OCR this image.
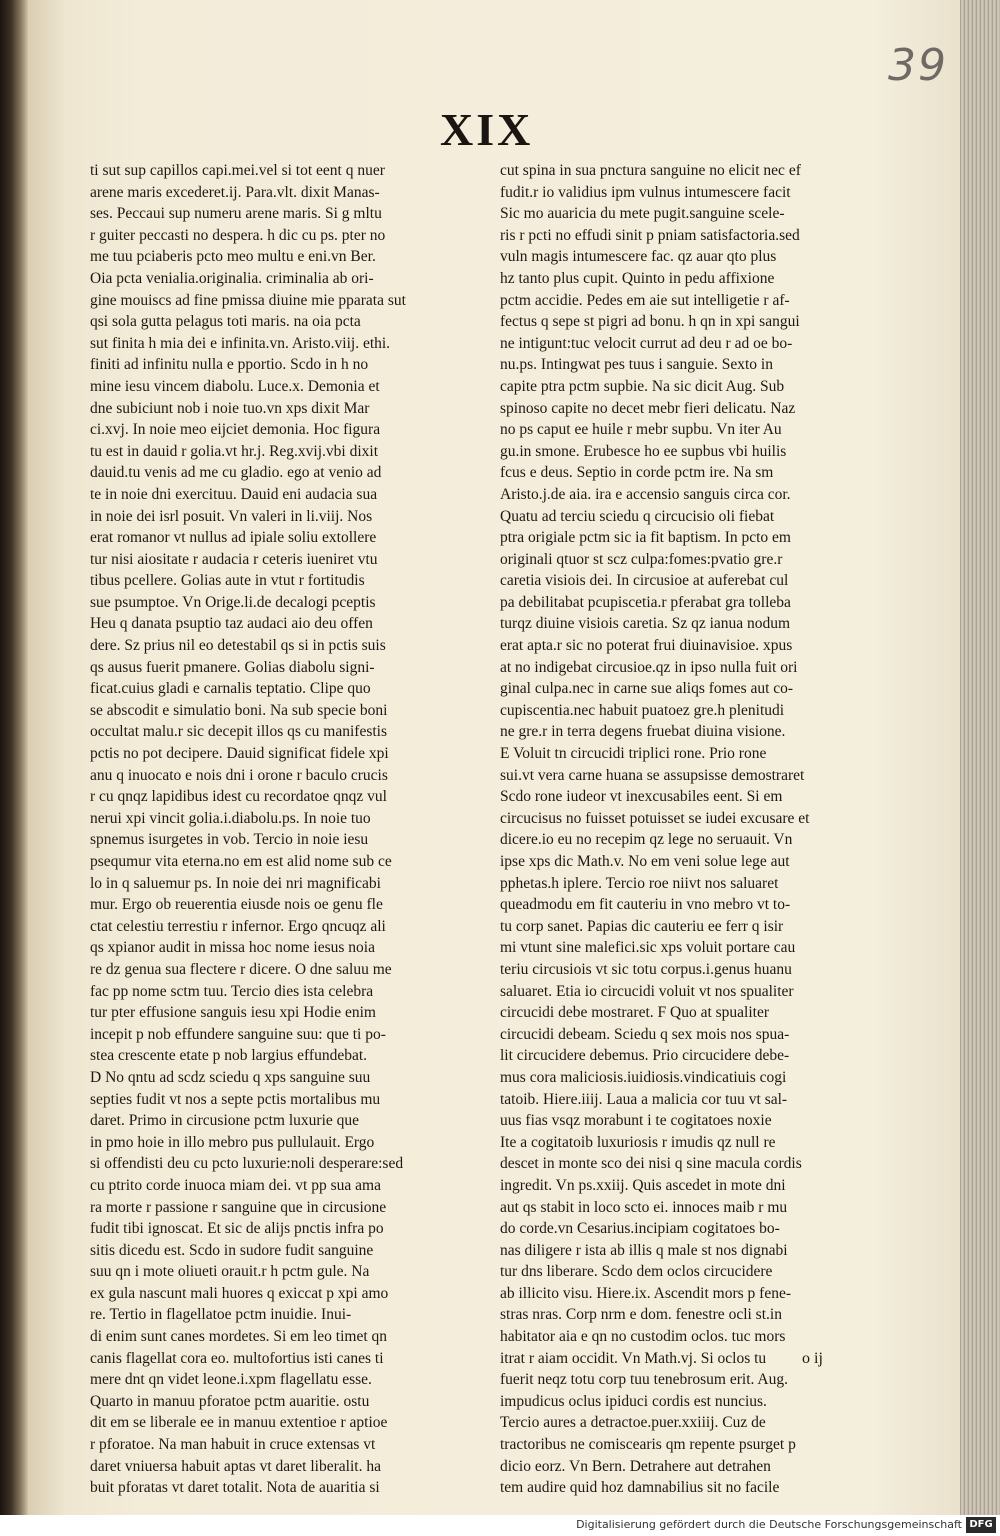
39
XIX
ti sut sup capillos capi.mei.vel si tot eent q nuer
arene maris excederet.ij. Para.vlt. dixit Manas-
ses. Peccaui sup numeru arene maris. Si g mltu
r guiter peccasti no despera. h dic cu ps. pter no
me tuu pciaberis pcto meo multu e eni.vn Ber.
Oia pcta venialia.originalia. criminalia ab ori-
gine mouiscs ad fine pmissa diuine mie pparata sut
qsi sola gutta pelagus toti maris. na oia pcta
sut finita h mia dei e infinita.vn. Aristo.viij. ethi.
finiti ad infinitu nulla e pportio. Scdo in h no
mine iesu vincem diabolu. Luce.x. Demonia et
dne subiciunt nob i noie tuo.vn xps dixit Mar
ci.xvj. In noie meo eijciet demonia. Hoc figura
tu est in dauid r golia.vt hr.j. Reg.xvij.vbi dixit
dauid.tu venis ad me cu gladio. ego at venio ad
te in noie dni exercituu. Dauid eni audacia sua
in noie dei isrl posuit. Vn valeri in li.viij. Nos
erat romanor vt nullus ad ipiale soliu extollere
tur nisi aiositate r audacia r ceteris iueniret vtu
tibus pcellere. Golias aute in vtut r fortitudis
sue psumptoe. Vn Orige.li.de decalogi pceptis
Heu q danata psuptio taz audaci aio deu offen
dere. Sz prius nil eo detestabil qs si in pctis suis
qs ausus fuerit pmanere. Golias diabolu signi-
ficat.cuius gladi e carnalis teptatio. Clipe quo
se abscodit e simulatio boni. Na sub specie boni
occultat malu.r sic decepit illos qs cu manifestis
pctis no pot decipere. Dauid significat fidele xpi
anu q inuocato e nois dni i orone r baculo crucis
r cu qnqz lapidibus idest cu recordatoe qnqz vul
nerui xpi vincit golia.i.diabolu.ps. In noie tuo
spnemus isurgetes in vob. Tercio in noie iesu
psequmur vita eterna.no em est alid nome sub ce
lo in q saluemur ps. In noie dei nri magnificabi
mur. Ergo ob reuerentia eiusde nois oe genu fle
ctat celestiu terrestiu r infernor. Ergo qncuqz ali
qs xpianor audit in missa hoc nome iesus noia
re dz genua sua flectere r dicere. O dne saluu me
fac pp nome sctm tuu. Tercio dies ista celebra
tur pter effusione sanguis iesu xpi Hodie enim
incepit p nob effundere sanguine suu: que ti po-
stea crescente etate p nob largius effundebat.
D No qntu ad scdz sciedu q xps sanguine suu
septies fudit vt nos a septe pctis mortalibus mu
daret. Primo in circusione pctm luxurie que
in pmo hoie in illo mebro pus pullulauit. Ergo
si offendisti deu cu pcto luxurie:noli desperare:sed
cu ptrito corde inuoca miam dei. vt pp sua ama
ra morte r passione r sanguine que in circusione
fudit tibi ignoscat. Et sic de alijs pnctis infra po
sitis dicedu est. Scdo in sudore fudit sanguine
suu qn i mote oliueti orauit.r h pctm gule. Na
ex gula nascunt mali huores q exiccat p xpi amo
re. Tertio in flagellatoe pctm inuidie. Inui-
di enim sunt canes mordetes. Si em leo timet qn
canis flagellat cora eo. multofortius isti canes ti
mere dnt qn videt leone.i.xpm flagellatu esse.
Quarto in manuu pforatoe pctm auaritie. ostu
dit em se liberale ee in manuu extentioe r aptioe
r pforatoe. Na man habuit in cruce extensas vt
daret vniuersa habuit aptas vt daret liberalit. ha
buit pforatas vt daret totalit. Nota de auaritia si
cut spina in sua pnctura sanguine no elicit nec ef
fudit.r io validius ipm vulnus intumescere facit
Sic mo auaricia du mete pugit.sanguine scele-
ris r pcti no effudi sinit p pniam satisfactoria.sed
vuln magis intumescere fac. qz auar qto plus
hz tanto plus cupit. Quinto in pedu affixione
pctm accidie. Pedes em aie sut intelligetie r af-
fectus q sepe st pigri ad bonu. h qn in xpi sangui
ne intigunt:tuc velocit currut ad deu r ad oe bo-
nu.ps. Intingwat pes tuus i sanguie. Sexto in
capite ptra pctm supbie. Na sic dicit Aug. Sub
spinoso capite no decet mebr fieri delicatu. Naz
no ps caput ee huile r mebr supbu. Vn iter Au
gu.in smone. Erubesce ho ee supbus vbi huilis
fcus e deus. Septio in corde pctm ire. Na sm
Aristo.j.de aia. ira e accensio sanguis circa cor.
Quatu ad terciu sciedu q circucisio oli fiebat
ptra origiale pctm sic ia fit baptism. In pcto em
originali qtuor st scz culpa:fomes:pvatio gre.r
caretia visiois dei. In circusioe at auferebat cul
pa debilitabat pcupiscetia.r pferabat gra tolleba
turqz diuine visiois caretia. Sz qz ianua nodum
erat apta.r sic no poterat frui diuinavisioe. xpus
at no indigebat circusioe.qz in ipso nulla fuit ori
ginal culpa.nec in carne sue aliqs fomes aut co-
cupiscentia.nec habuit puatoez gre.h plenitudi
ne gre.r in terra degens fruebat diuina visione.
E Voluit tn circucidi triplici rone. Prio rone
sui.vt vera carne huana se assupsisse demostraret
Scdo rone iudeor vt inexcusabiles eent. Si em
circucisus no fuisset potuisset se iudei excusare et
dicere.io eu no recepim qz lege no seruauit. Vn
ipse xps dic Math.v. No em veni solue lege aut
pphetas.h iplere. Tercio roe niivt nos saluaret
queadmodu em fit cauteriu in vno mebro vt to-
tu corp sanet. Papias dic cauteriu ee ferr q isir
mi vtunt sine malefici.sic xps voluit portare cau
teriu circusiois vt sic totu corpus.i.genus huanu
saluaret. Etia io circucidi voluit vt nos spualiter
circucidi debe mostraret. F Quo at spualiter
circucidi debeam. Sciedu q sex mois nos spua-
lit circucidere debemus. Prio circucidere debe-
mus cora maliciosis.iuidiosis.vindicatiuis cogi
tatoib. Hiere.iiij. Laua a malicia cor tuu vt sal-
uus fias vsqz morabunt i te cogitatoes noxie
Ite a cogitatoib luxuriosis r imudis qz null re
descet in monte sco dei nisi q sine macula cordis
ingredit. Vn ps.xxiij. Quis ascedet in mote dni
aut qs stabit in loco scto ei. innoces maib r mu
do corde.vn Cesarius.incipiam cogitatoes bo-
nas diligere r ista ab illis q male st nos dignabi
tur dns liberare. Scdo dem oclos circucidere
ab illicito visu. Hiere.ix. Ascendit mors p fene-
stras nras. Corp nrm e dom. fenestre ocli st.in
habitator aia e qn no custodim oclos. tuc mors
itrat r aiam occidit. Vn Math.vj. Si oclos tu
fuerit neqz totu corp tuu tenebrosum erit. Aug.
impudicus oclus ipiduci cordis est nuncius.
Tercio aures a detractoe.puer.xxiiij. Cuz de
tractoribus ne comiscearis qm repente psurget p
dicio eorz. Vn Bern. Detrahere aut detrahen
tem audire quid hoz damnabilius sit no facile
o ij
Digitalisierung gefördert durch die Deutsche Forschungsgemeinschaft DFG
